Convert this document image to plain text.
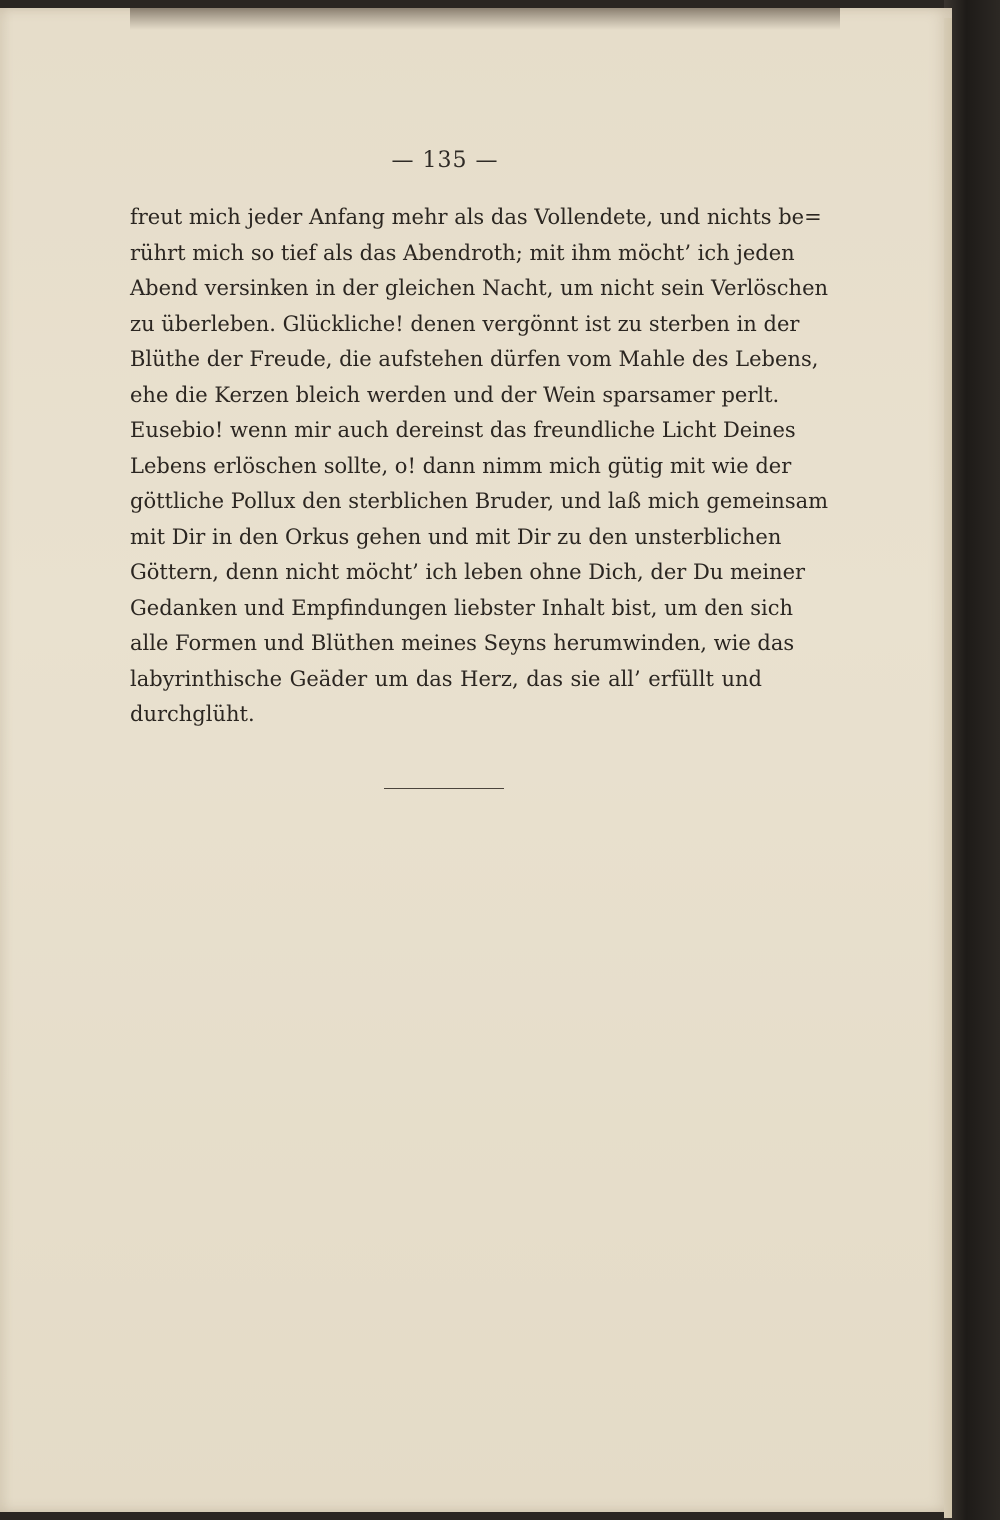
— 135 —
freut mich jeder Anfang mehr als das Vollendete, und nichts be=
rührt mich so tief als das Abendroth; mit ihm möcht’ ich jeden
Abend versinken in der gleichen Nacht, um nicht sein Verlöschen
zu überleben. Glückliche! denen vergönnt ist zu sterben in der
Blüthe der Freude, die aufstehen dürfen vom Mahle des Lebens,
ehe die Kerzen bleich werden und der Wein sparsamer perlt.
Eusebio! wenn mir auch dereinst das freundliche Licht Deines
Lebens erlöschen sollte, o! dann nimm mich gütig mit wie der
göttliche Pollux den sterblichen Bruder, und laß mich gemeinsam
mit Dir in den Orkus gehen und mit Dir zu den unsterblichen
Göttern, denn nicht möcht’ ich leben ohne Dich, der Du meiner
Gedanken und Empfindungen liebster Inhalt bist, um den sich
alle Formen und Blüthen meines Seyns herumwinden, wie das
labyrinthische Geäder um das Herz, das sie all’ erfüllt und
durchglüht.
